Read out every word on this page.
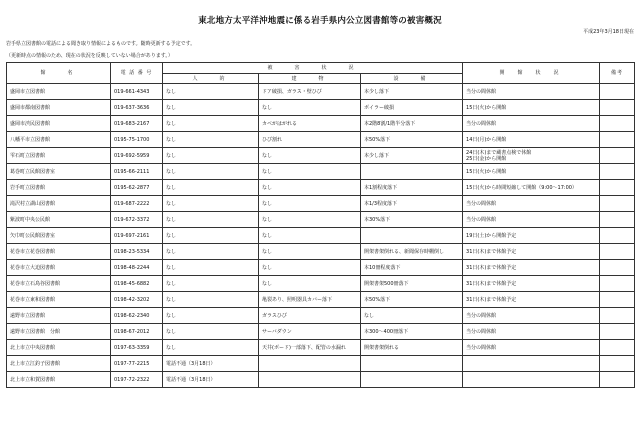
東北地方太平洋沖地震に係る岩手県内公立図書館等の被害概況
平成23年3月18日現在
岩手県立図書館の電話による聞き取り情報によるものです。随時更新する予定です。
（更新時点の情報のため、現在の状況を反映していない場合があります。）
館　　名	電 話 番 号	被　　害　　状　　況			開　館　状　況	備考
		人　　的	建　　物	設　　備		
盛岡市立図書館	019-661-4343	なし	ドア破損、ガラス・壁ひび	本少し落下	当分の間休館	
盛岡市都南図書館	019-637-3636	なし	なし	ボイラー破損	15日(火)から開館	
盛岡市渋民図書館	019-683-2167	なし	カベがはがれる	本2階8割/1階半分落下	当分の間休館	
八幡平市立図書館	0195-75-1700	なし	ひび割れ	本50%落下	14日(月)から開館	
雫石町立図書館	019-692-5959	なし	なし	本少し落下	24日(木)まで蔵書点検で休館
25日(金)から開館	
葛巻町立民館図書室	0195-66-2111	なし	なし		15日(火)から開館	
岩手町立図書館	0195-62-2877	なし	なし	本1割程度落下	15日(火)から時間短縮して開館（9:00～17:00）	
滝沢村立湖山図書館	019-687-2222	なし	なし	本1/3程度落下	当分の間休館	
紫波町中央公民館	019-672-3372	なし	なし	本30%落下	当分の間休館	
矢巾町公民館図書室	019-697-2161	なし	なし		19日(土)から開館予定	
花巻市立花巻図書館	0198-23-5334	なし	なし	開架書架倒れる、新聞保存時棚倒し	31日(木)まで休館予定	
花巻市立大迫図書館	0198-48-2244	なし	なし	本10冊程度落下	31日(木)まで休館予定	
花巻市立石鳥谷図書館	0198-45-6882	なし	なし	開架書架500冊落下	31日(木)まで休館予定	
花巻市立東和図書館	0198-42-3202	なし	亀裂あり、照明器具カバー落下	本50%落下	31日(木)まで休館予定	
遠野市立図書館	0198-62-2340	なし	ガラスひび	なし	当分の間休館	
遠野市立図書館　分館	0198-67-2012	なし	サーバダウン	本300～400冊落下	当分の間休館	
北上市立中央図書館	0197-63-3359	なし	天井(ボード)一部落下、配管の水漏れ	開架書架倒れる	当分の間休館	
北上市立江釣子図書館	0197-77-2215	電話不通（3月18日）				
北上市立和賀図書館	0197-72-2322	電話不通（3月18日）				
